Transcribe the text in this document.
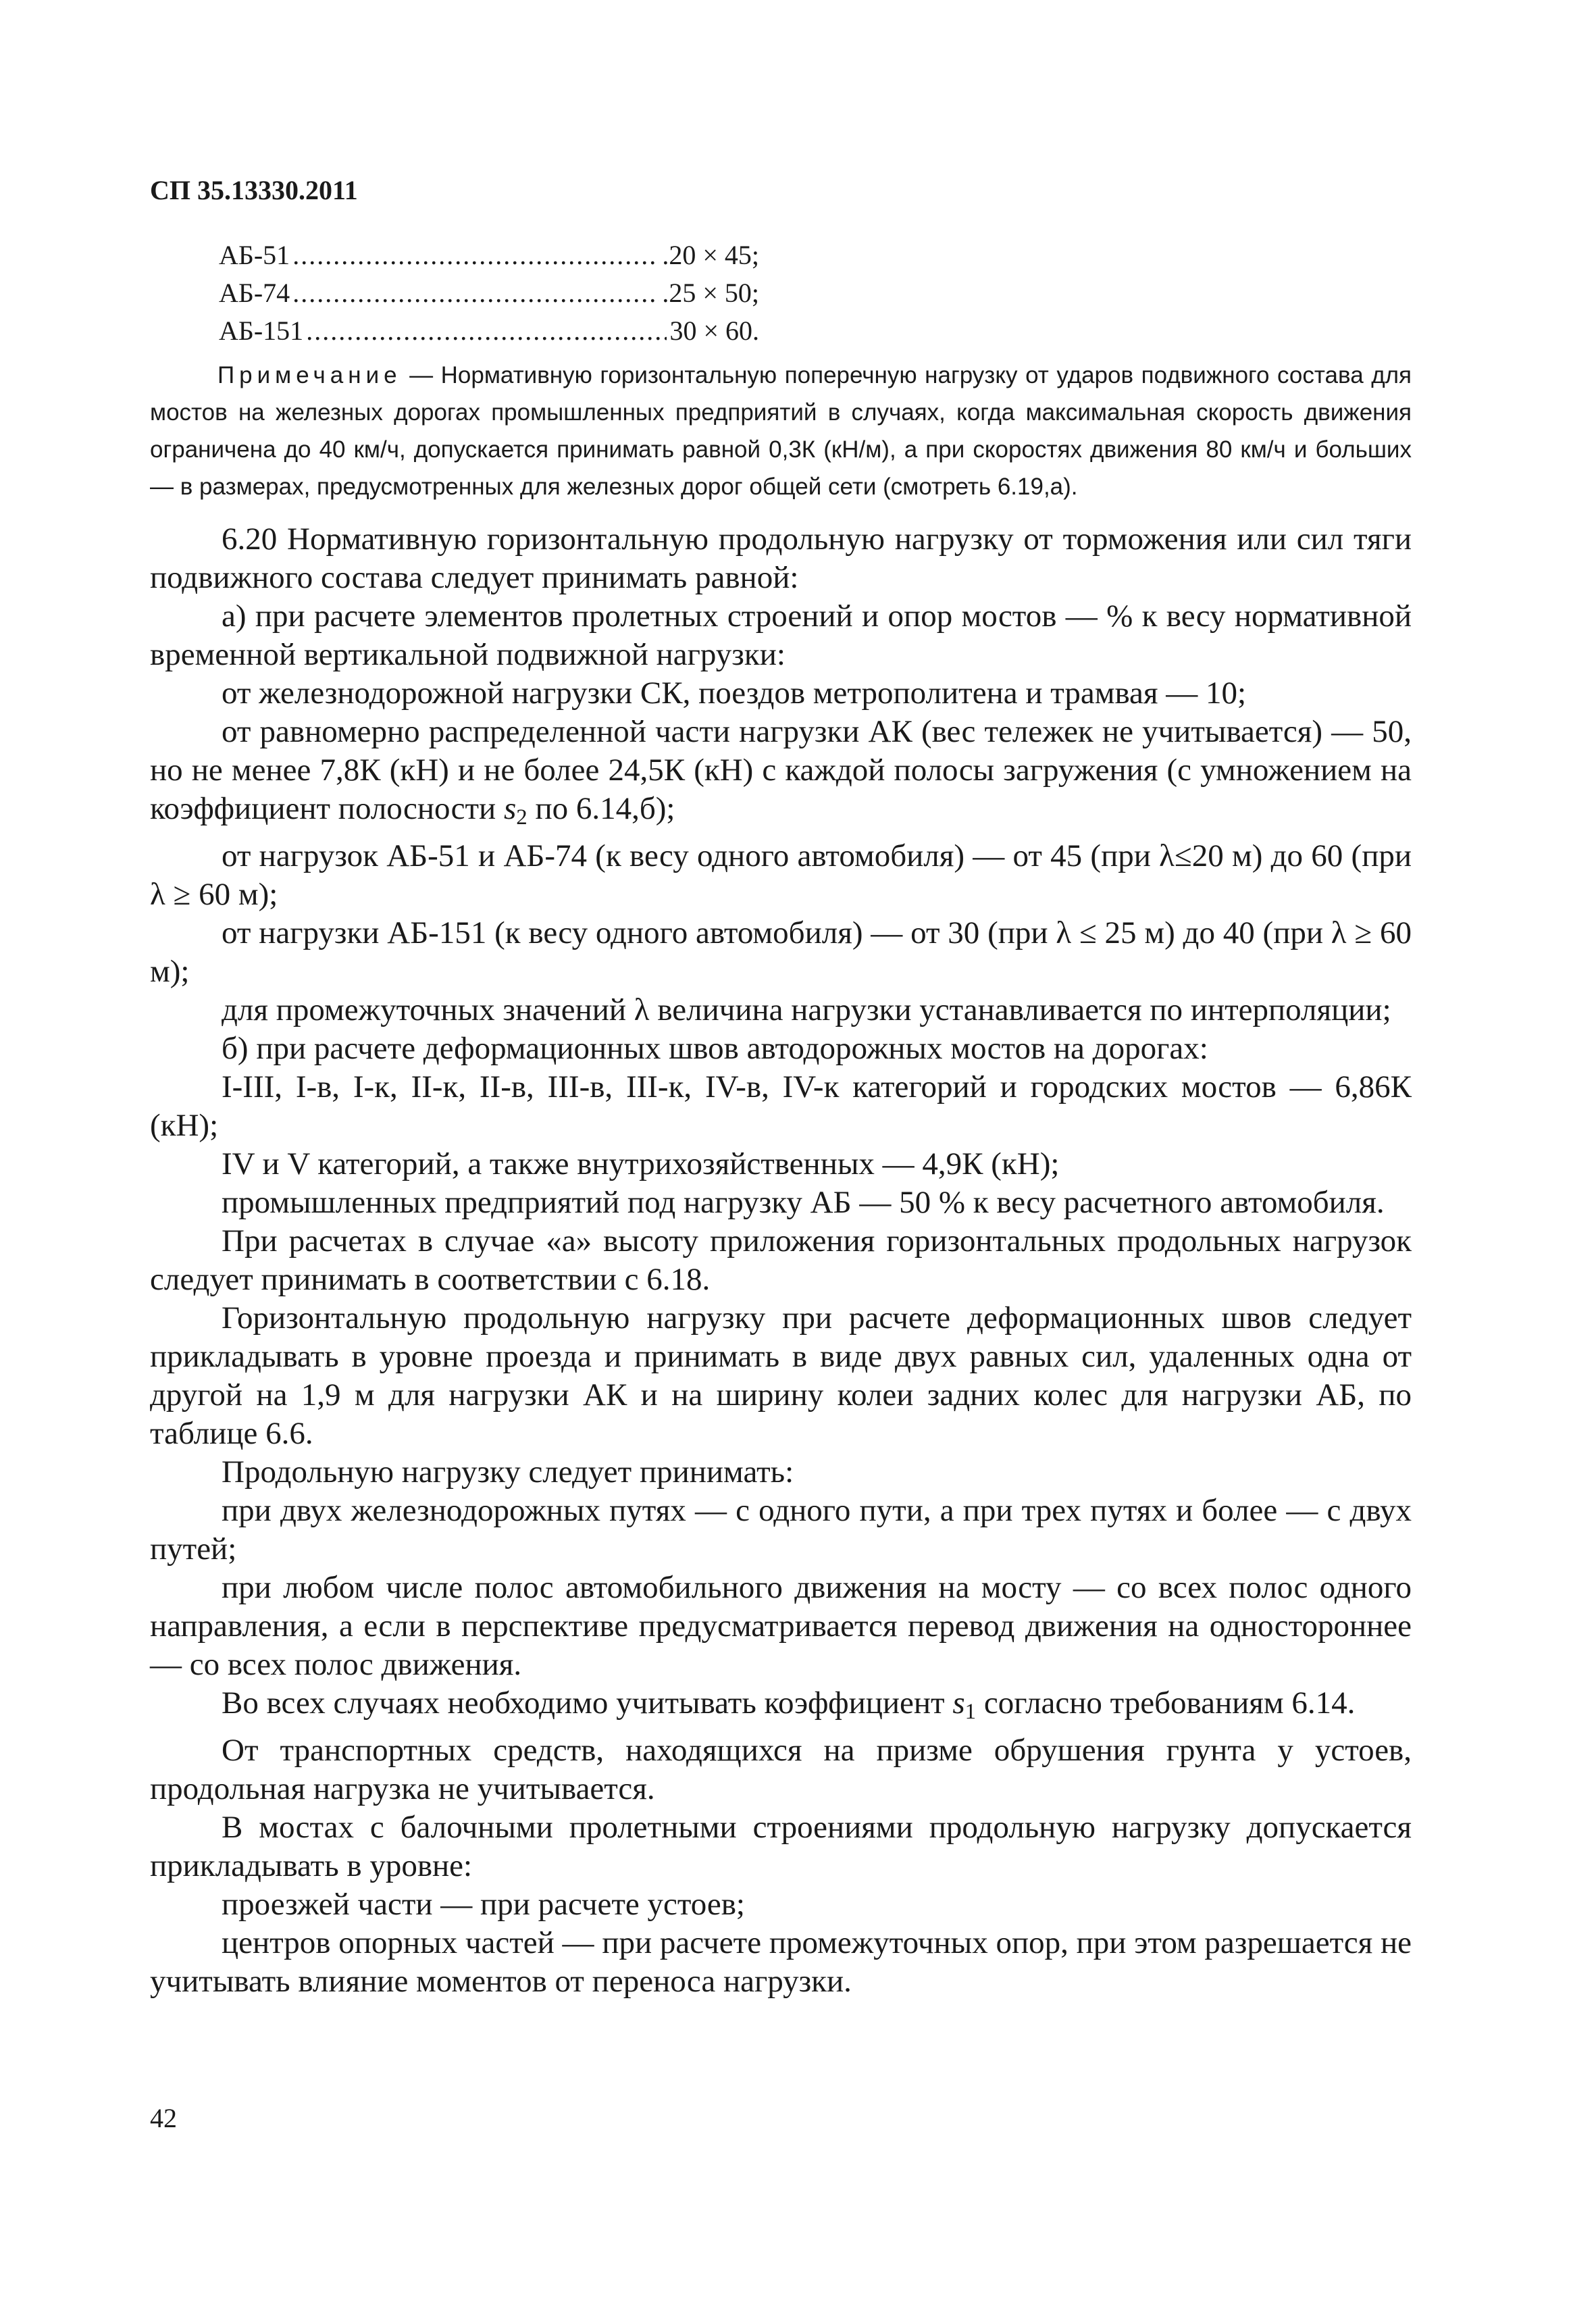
СП 35.13330.2011
АБ-51 .....	.20 × 45;
АБ-74 .....	.25 × 50;
АБ-151 .....	30 × 60.
Примечание — Нормативную горизонтальную поперечную нагрузку от ударов подвижного состава для мостов на железных дорогах промышленных предприятий в случаях, когда максимальная скорость движения ограничена до 40 км/ч, допускается принимать равной 0,3К (кН/м), а при скоростях движения 80 км/ч и больших — в размерах, предусмотренных для железных дорог общей сети (смотреть 6.19,а).

6.20 Нормативную горизонтальную продольную нагрузку от торможения или сил тяги подвижного состава следует принимать равной:

а) при расчете элементов пролетных строений и опор мостов — % к весу нормативной временной вертикальной подвижной нагрузки:

от железнодорожной нагрузки СК, поездов метрополитена и трамвая — 10;

от равномерно распределенной части нагрузки АК (вес тележек не учитывается) — 50, но не менее 7,8К (кН) и не более 24,5К (кН) с каждой полосы загружения (с умножением на коэффициент полосности $s_2$ по 6.14,б);

от нагрузок АБ-51 и АБ-74 (к весу одного автомобиля) — от 45 (при λ≤20 м) до 60 (при λ ≥ 60 м);

от нагрузки АБ-151 (к весу одного автомобиля) — от 30 (при λ ≤ 25 м) до 40 (при λ ≥ 60 м);

для промежуточных значений λ величина нагрузки устанавливается по интерполяции;

б) при расчете деформационных швов автодорожных мостов на дорогах:

I-III, I-в, I-к, II-к, II-в, III-в, III-к, IV-в, IV-к категорий и городских мостов — 6,86К (кН);

IV и V категорий, а также внутрихозяйственных — 4,9К (кН);

промышленных предприятий под нагрузку АБ — 50 % к весу расчетного автомобиля.

При расчетах в случае «а» высоту приложения горизонтальных продольных нагрузок следует принимать в соответствии с 6.18.

Горизонтальную продольную нагрузку при расчете деформационных швов следует прикладывать в уровне проезда и принимать в виде двух равных сил, удаленных одна от другой на 1,9 м для нагрузки АК и на ширину колеи задних колес для нагрузки АБ, по таблице 6.6.

Продольную нагрузку следует принимать:

при двух железнодорожных путях — с одного пути, а при трех путях и более — с двух путей;

при любом числе полос автомобильного движения на мосту — со всех полос одного направления, а если в перспективе предусматривается перевод движения на одностороннее — со всех полос движения.

Во всех случаях необходимо учитывать коэффициент $s_1$ согласно требованиям 6.14.

От транспортных средств, находящихся на призме обрушения грунта у устоев, продольная нагрузка не учитывается.

В мостах с балочными пролетными строениями продольную нагрузку допускается прикладывать в уровне:

проезжей части — при расчете устоев;

центров опорных частей — при расчете промежуточных опор, при этом разрешается не учитывать влияние моментов от переноса нагрузки.

42
